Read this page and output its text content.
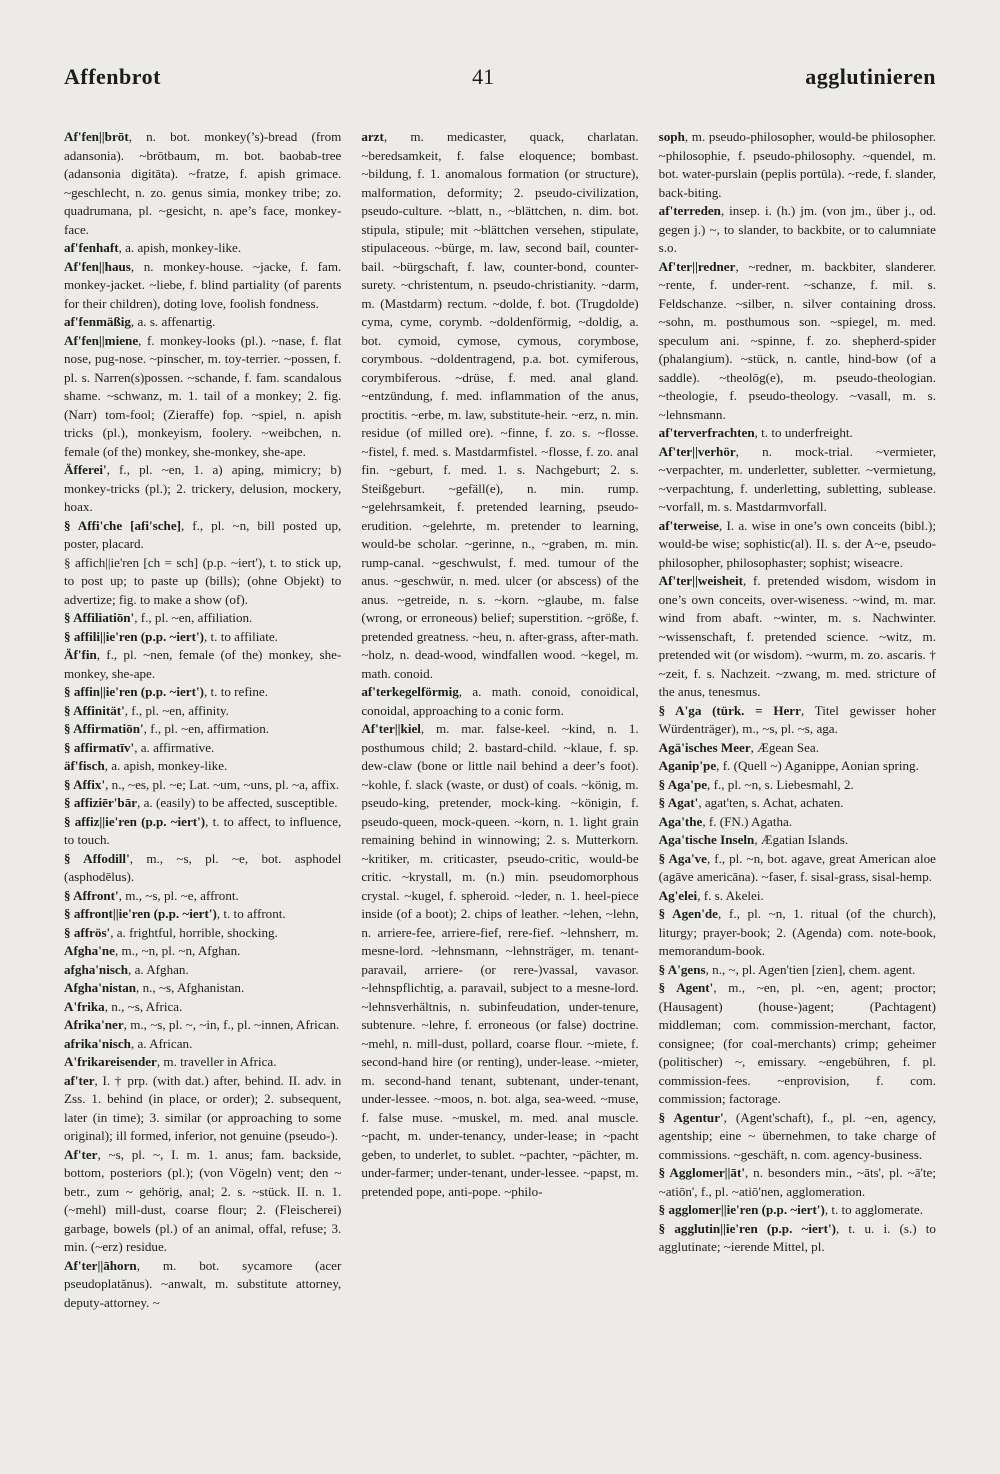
Affenbrot	41	agglutinieren

Af'fen||brōt, n. bot. monkey(’s)-bread (from adansonia). ~brōtbaum, m. bot. baobab-tree (adansonia digitāta). ~fratze, f. apish grimace. ~geschlecht, n. zo. genus simia, monkey tribe; zo. quadrumana, pl. ~gesicht, n. ape’s face, monkey-face.

af'fenhaft, a. apish, monkey-like.

Af'fen||haus, n. monkey-house. ~jacke, f. fam. monkey-jacket. ~liebe, f. blind partiality (of parents for their children), doting love, foolish fondness.

af'fenmäßig, a. s. affenartig.

Af'fen||miene, f. monkey-looks (pl.). ~nase, f. flat nose, pug-nose. ~pinscher, m. toy-terrier. ~possen, f. pl. s. Narren(s)possen. ~schande, f. fam. scandalous shame. ~schwanz, m. 1. tail of a monkey; 2. fig. (Narr) tom-fool; (Zieraffe) fop. ~spiel, n. apish tricks (pl.), monkeyism, foolery. ~weibchen, n. female (of the) monkey, she-monkey, she-ape.

Äfferei', f., pl. ~en, 1. a) aping, mimicry; b) monkey-tricks (pl.); 2. trickery, delusion, mockery, hoax.

§ Affi'che [afi'sche], f., pl. ~n, bill posted up, poster, placard.

§ affich||ie'ren [ch = sch] (p.p. ~iert'), t. to stick up, to post up; to paste up (bills); (ohne Objekt) to advertize; fig. to make a show (of).

§ Affiliatiōn', f., pl. ~en, affiliation.

§ affili||ie'ren (p.p. ~iert'), t. to affiliate.

Äf'fin, f., pl. ~nen, female (of the) monkey, she-monkey, she-ape.

§ affin||ie'ren (p.p. ~iert'), t. to refine.

§ Affinität', f., pl. ~en, affinity.

§ Affirmatiōn', f., pl. ~en, affirmation.

§ affirmatīv', a. affirmative.

äf'fisch, a. apish, monkey-like.

§ Affix', n., ~es, pl. ~e; Lat. ~um, ~uns, pl. ~a, affix.

§ affiziēr'bār, a. (easily) to be affected, susceptible.

§ affiz||ie'ren (p.p. ~iert'), t. to affect, to influence, to touch.

§ Affodill', m., ~s, pl. ~e, bot. asphodel (asphodēlus).

§ Affront', m., ~s, pl. ~e, affront.

§ affront||ie'ren (p.p. ~iert'), t. to affront.

§ affrös', a. frightful, horrible, shocking.

Afgha'ne, m., ~n, pl. ~n, Afghan.

afgha'nisch, a. Afghan.

Afgha'nistan, n., ~s, Afghanistan.

A'frika, n., ~s, Africa.

Afrika'ner, m., ~s, pl. ~, ~in, f., pl. ~innen, African.

afrika'nisch, a. African.

A'frikareisender, m. traveller in Africa.

af'ter, I. † prp. (with dat.) after, behind. II. adv. in Zss. 1. behind (in place, or order); 2. subsequent, later (in time); 3. similar (or approaching to some original); ill formed, inferior, not genuine (pseudo-).

Af'ter, ~s, pl. ~, I. m. 1. anus; fam. backside, bottom, posteriors (pl.); (von Vögeln) vent; den ~ betr., zum ~ gehörig, anal; 2. s. ~stück. II. n. 1. (~mehl) mill-dust, coarse flour; 2. (Fleischerei) garbage, bowels (pl.) of an animal, offal, refuse; 3. min. (~erz) residue.

Af'ter||āhorn, m. bot. sycamore (acer pseudoplatănus). ~anwalt, m. substitute attorney, deputy-attorney. ~

arzt, m. medicaster, quack, charlatan. ~beredsamkeit, f. false eloquence; bombast. ~bildung, f. 1. anomalous formation (or structure), malformation, deformity; 2. pseudo-civilization, pseudo-culture. ~blatt, n., ~blättchen, n. dim. bot. stipula, stipule; mit ~blättchen versehen, stipulate, stipulaceous. ~bürge, m. law, second bail, counter-bail. ~bürgschaft, f. law, counter-bond, counter-surety. ~christentum, n. pseudo-christianity. ~darm, m. (Mastdarm) rectum. ~dolde, f. bot. (Trugdolde) cyma, cyme, corymb. ~doldenförmig, ~doldig, a. bot. cymoid, cymose, cymous, corymbose, corymbous. ~doldentragend, p.a. bot. cymiferous, corymbiferous. ~drüse, f. med. anal gland. ~entzündung, f. med. inflammation of the anus, proctitis. ~erbe, m. law, substitute-heir. ~erz, n. min. residue (of milled ore). ~finne, f. zo. s. ~flosse. ~fistel, f. med. s. Mastdarmfistel. ~flosse, f. zo. anal fin. ~geburt, f. med. 1. s. Nachgeburt; 2. s. Steißgeburt. ~gefäll(e), n. min. rump. ~gelehrsamkeit, f. pretended learning, pseudo-erudition. ~gelehrte, m. pretender to learning, would-be scholar. ~gerinne, n., ~graben, m. min. rump-canal. ~geschwulst, f. med. tumour of the anus. ~geschwür, n. med. ulcer (or abscess) of the anus. ~getreide, n. s. ~korn. ~glaube, m. false (wrong, or erroneous) belief; superstition. ~größe, f. pretended greatness. ~heu, n. after-grass, after-math. ~holz, n. dead-wood, windfallen wood. ~kegel, m. math. conoid.

af'terkegelförmig, a. math. conoid, conoidical, conoidal, approaching to a conic form.

Af'ter||kiel, m. mar. false-keel. ~kind, n. 1. posthumous child; 2. bastard-child. ~klaue, f. sp. dew-claw (bone or little nail behind a deer’s foot). ~kohle, f. slack (waste, or dust) of coals. ~könig, m. pseudo-king, pretender, mock-king. ~königin, f. pseudo-queen, mock-queen. ~korn, n. 1. light grain remaining behind in winnowing; 2. s. Mutterkorn. ~kritiker, m. criticaster, pseudo-critic, would-be critic. ~krystall, m. (n.) min. pseudomorphous crystal. ~kugel, f. spheroid. ~leder, n. 1. heel-piece inside (of a boot); 2. chips of leather. ~lehen, ~lehn, n. arriere-fee, arriere-fief, rere-fief. ~lehnsherr, m. mesne-lord. ~lehnsmann, ~lehnsträger, m. tenant-paravail, arriere- (or rere-)vassal, vavasor. ~lehnspflichtig, a. paravail, subject to a mesne-lord. ~lehnsverhältnis, n. subinfeudation, under-tenure, subtenure. ~lehre, f. erroneous (or false) doctrine. ~mehl, n. mill-dust, pollard, coarse flour. ~miete, f. second-hand hire (or renting), under-lease. ~mieter, m. second-hand tenant, subtenant, under-tenant, under-lessee. ~moos, n. bot. alga, sea-weed. ~muse, f. false muse. ~muskel, m. med. anal muscle. ~pacht, m. under-tenancy, under-lease; in ~pacht geben, to underlet, to sublet. ~pachter, ~pächter, m. under-farmer; under-tenant, under-lessee. ~papst, m. pretended pope, anti-pope. ~philo-

soph, m. pseudo-philosopher, would-be philosopher. ~philosophie, f. pseudo-philosophy. ~quendel, m. bot. water-purslain (peplis portūla). ~rede, f. slander, back-biting.

af'terreden, insep. i. (h.) jm. (von jm., über j., od. gegen j.) ~, to slander, to backbite, or to calumniate s.o.

Af'ter||redner, ~redner, m. backbiter, slanderer. ~rente, f. under-rent. ~schanze, f. mil. s. Feldschanze. ~silber, n. silver containing dross. ~sohn, m. posthumous son. ~spiegel, m. med. speculum ani. ~spinne, f. zo. shepherd-spider (phalangium). ~stück, n. cantle, hind-bow (of a saddle). ~theolōg(e), m. pseudo-theologian. ~theologie, f. pseudo-theology. ~vasall, m. s. ~lehnsmann.

af'terverfrachten, t. to underfreight.

Af'ter||verhör, n. mock-trial. ~vermieter, ~verpachter, m. underletter, subletter. ~vermietung, ~verpachtung, f. underletting, subletting, sublease. ~vorfall, m. s. Mastdarmvorfall.

af'terweise, I. a. wise in one’s own conceits (bibl.); would-be wise; sophistic(al). II. s. der A~e, pseudo-philosopher, philosophaster; sophist; wiseacre.

Af'ter||weisheit, f. pretended wisdom, wisdom in one’s own conceits, over-wiseness. ~wind, m. mar. wind from abaft. ~winter, m. s. Nachwinter. ~wissenschaft, f. pretended science. ~witz, m. pretended wit (or wisdom). ~wurm, m. zo. ascaris. † ~zeit, f. s. Nachzeit. ~zwang, m. med. stricture of the anus, tenesmus.

§ A'ga (türk. = Herr, Titel gewisser hoher Würdenträger), m., ~s, pl. ~s, aga.

Agä'isches Meer, Ægean Sea.

Aganip'pe, f. (Quell ~) Aganippe, Aonian spring.

§ Aga'pe, f., pl. ~n, s. Liebesmahl, 2.

§ Agat', agat'ten, s. Achat, achaten.

Aga'the, f. (FN.) Agatha.

Aga'tische Inseln, Ægatian Islands.

§ Aga've, f., pl. ~n, bot. agave, great American aloe (agāve americāna). ~faser, f. sisal-grass, sisal-hemp.

Ag'elei, f. s. Akelei.

§ Agen'de, f., pl. ~n, 1. ritual (of the church), liturgy; prayer-book; 2. (Agenda) com. note-book, memorandum-book.

§ A'gens, n., ~, pl. Agen'tien [zien], chem. agent.

§ Agent', m., ~en, pl. ~en, agent; proctor; (Hausagent) (house-)agent; (Pachtagent) middleman; com. commission-merchant, factor, consignee; (for coal-merchants) crimp; geheimer (politischer) ~, emissary. ~engebühren, f. pl. commission-fees. ~enprovision, f. com. commission; factorage.

§ Agentur', (Agent'schaft), f., pl. ~en, agency, agentship; eine ~ übernehmen, to take charge of commissions. ~geschäft, n. com. agency-business.

§ Agglomer||āt', n. besonders min., ~āts', pl. ~ā'te; ~atiōn', f., pl. ~atiō'nen, agglomeration.

§ agglomer||ie'ren (p.p. ~iert'), t. to agglomerate.

§ agglutin||ie'ren (p.p. ~iert'), t. u. i. (s.) to agglutinate; ~ierende Mittel, pl.
